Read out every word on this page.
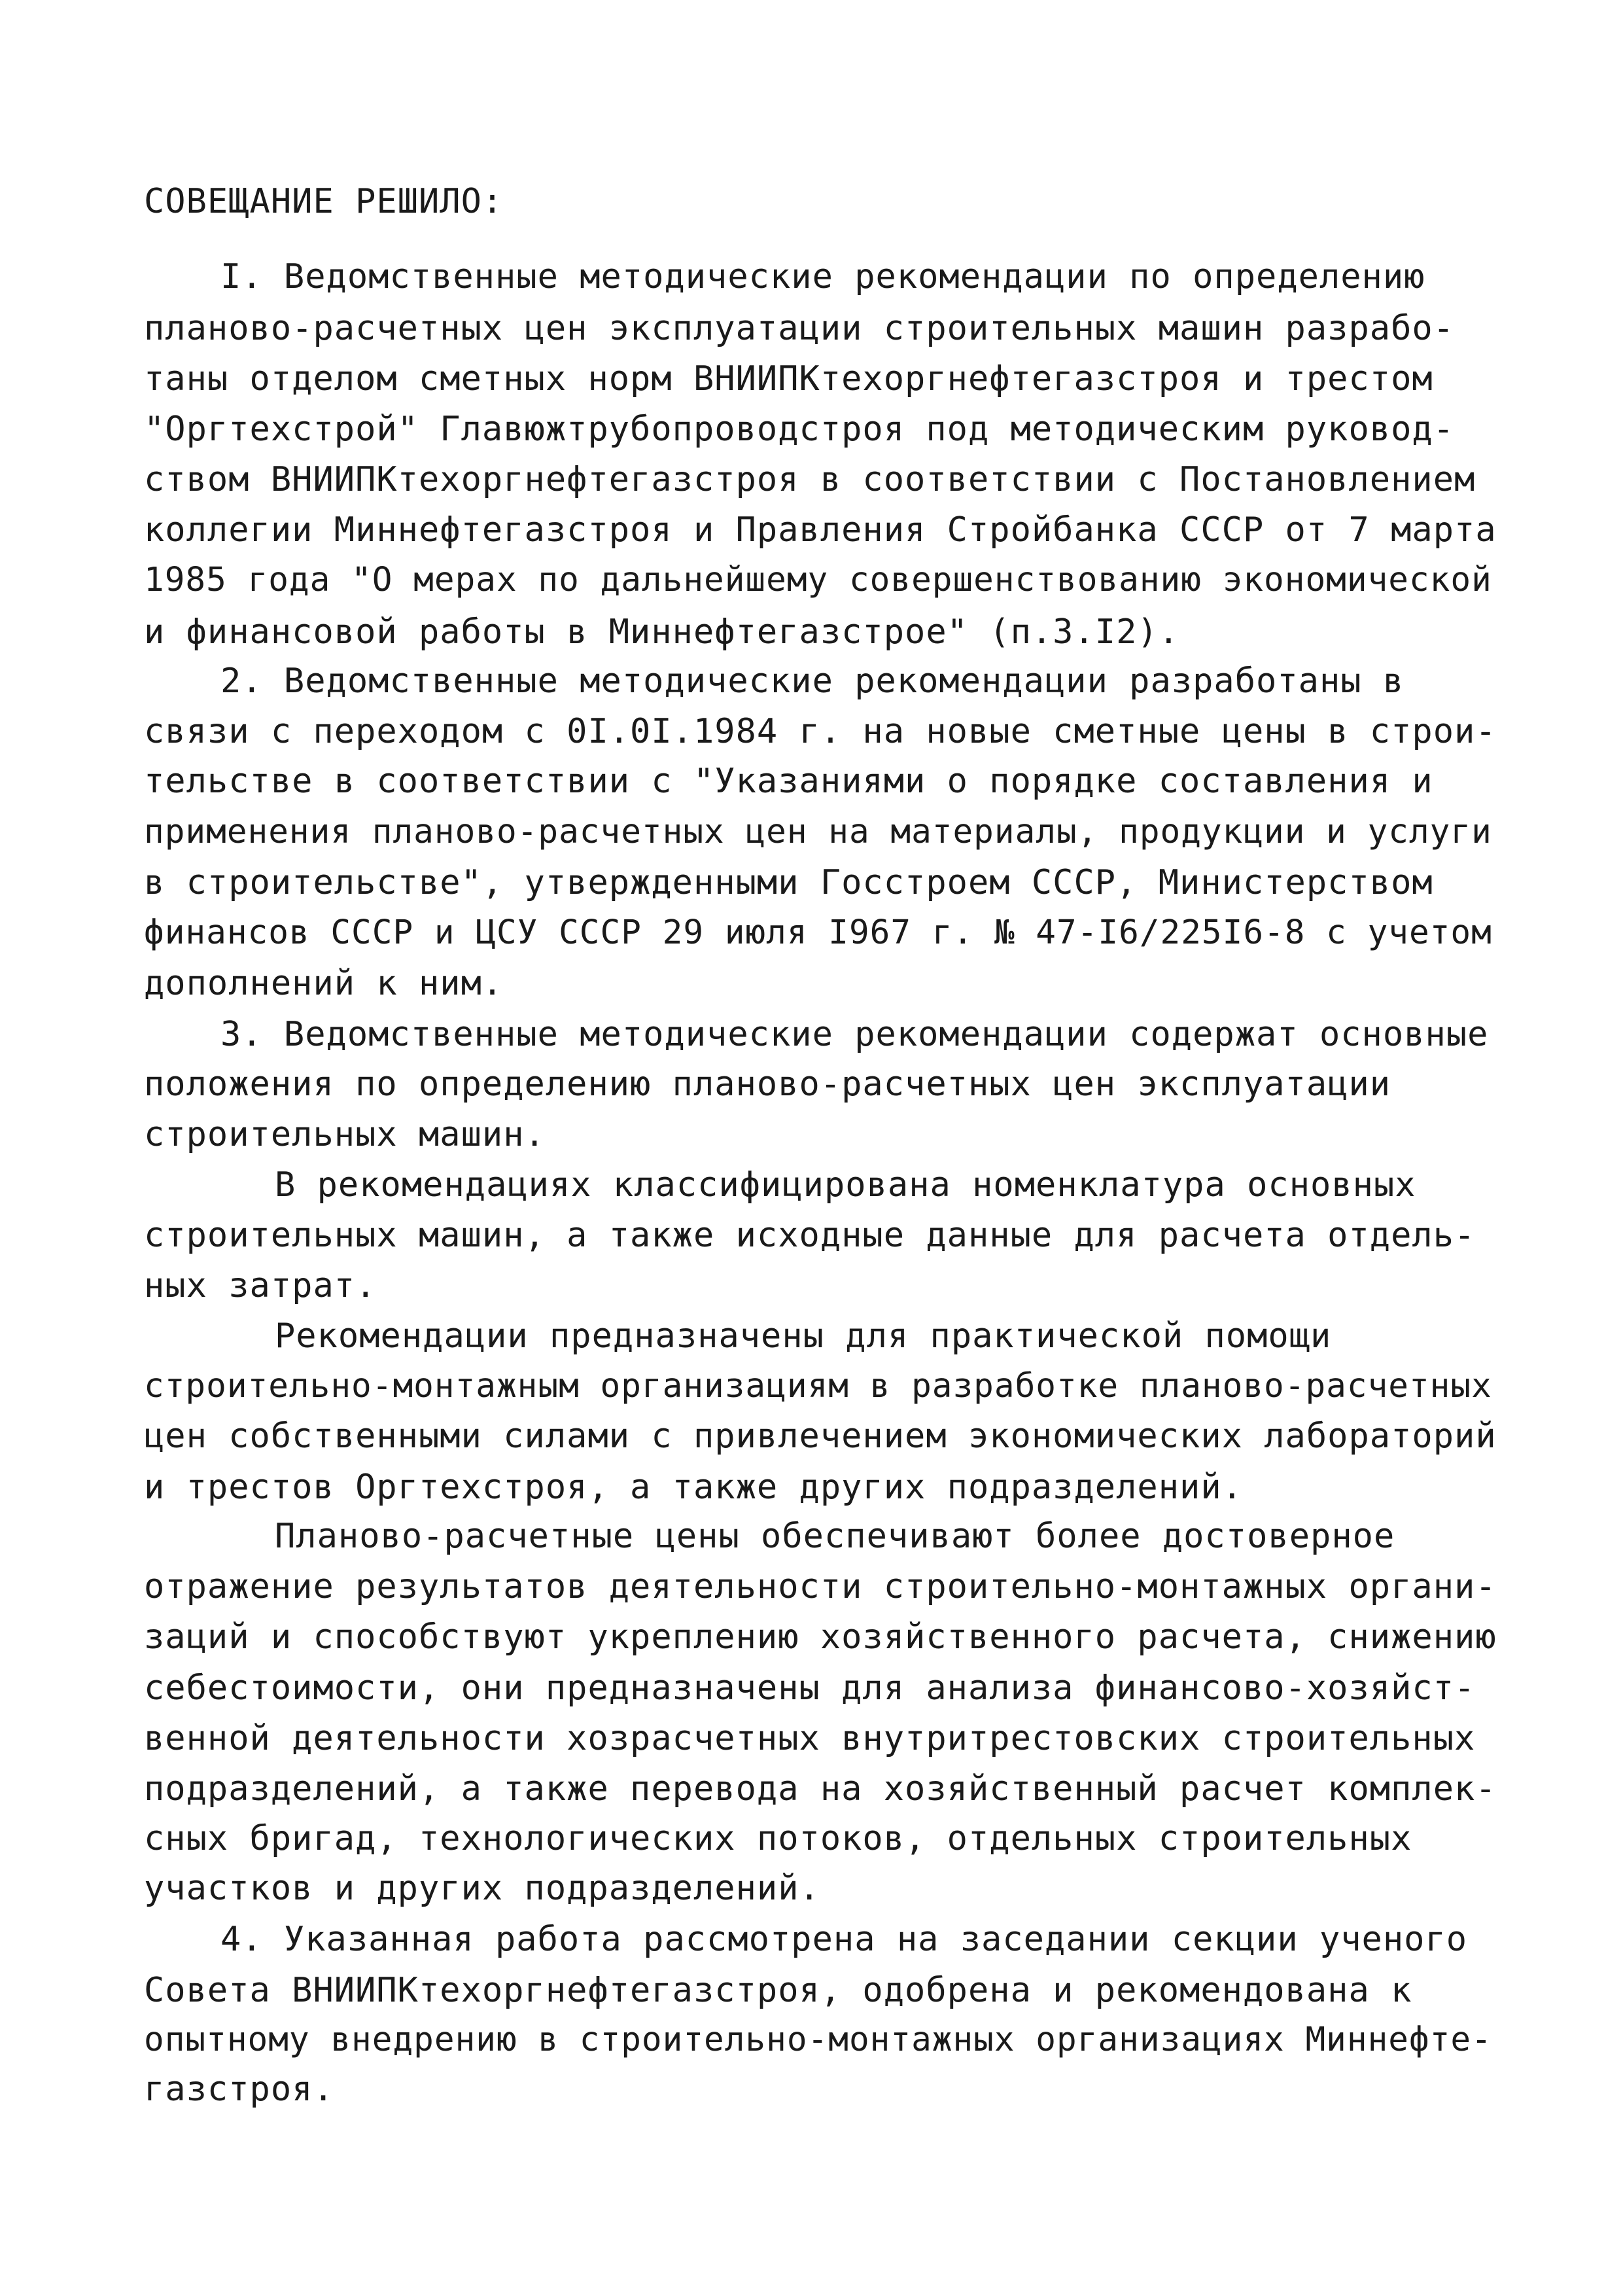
СОВЕЩАНИЕ РЕШИЛО:
I. Ведомственные методические рекомендации по определению
планово-расчетных цен эксплуатации строительных машин разрабо-
таны отделом сметных норм ВНИИПКтехоргнефтегазстроя и трестом
"Оргтехстрой" Главюжтрубопроводстроя под методическим руковод-
ством ВНИИПКтехоргнефтегазстроя в соответствии с Постановлением
коллегии Миннефтегазстроя и Правления Стройбанка СССР от 7 марта
1985 года "О мерах по дальнейшему совершенствованию экономической
и финансовой работы в Миннефтегазстрое" (п.3.I2).
2. Ведомственные методические рекомендации разработаны в
связи с переходом с 0I.0I.1984 г. на новые сметные цены в строи-
тельстве в соответствии с "Указаниями о порядке составления и
применения планово-расчетных цен на материалы, продукции и услуги
в строительстве", утвержденными Госстроем СССР, Министерством
финансов СССР и ЦСУ СССР 29 июля I967 г. № 47-I6/225I6-8 с учетом
дополнений к ним.
3. Ведомственные методические рекомендации содержат основные
положения по определению планово-расчетных цен эксплуатации
строительных машин.
В рекомендациях классифицирована номенклатура основных
строительных машин, а также исходные данные для расчета отдель-
ных затрат.
Рекомендации предназначены для практической помощи
строительно-монтажным организациям в разработке планово-расчетных
цен собственными силами с привлечением экономических лабораторий
и трестов Оргтехстроя, а также других подразделений.
Планово-расчетные цены обеспечивают более достоверное
отражение результатов деятельности строительно-монтажных органи-
заций и способствуют укреплению хозяйственного расчета, снижению
себестоимости, они предназначены для анализа финансово-хозяйст-
венной деятельности хозрасчетных внутритрестовских строительных
подразделений, а также перевода на хозяйственный расчет комплек-
сных бригад, технологических потоков, отдельных строительных
участков и других подразделений.
4. Указанная работа рассмотрена на заседании секции ученого
Совета ВНИИПКтехоргнефтегазстроя, одобрена и рекомендована к
опытному внедрению в строительно-монтажных организациях Миннефте-
газстроя.
